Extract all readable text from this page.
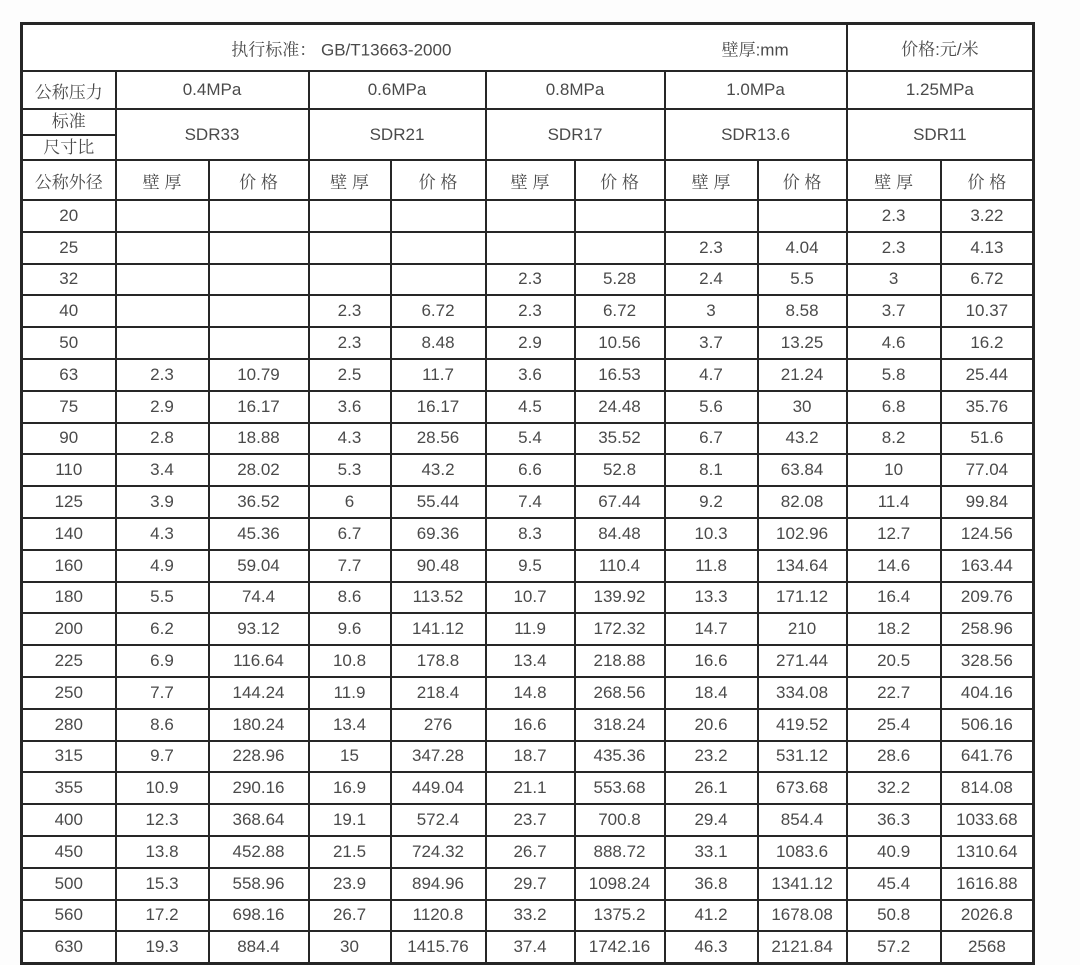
执行标准： GB/T13663-2000 壁厚:mm									价格:元/米	
公称压力	0.4MPa		0.6MPa		0.8MPa		1.0MPa		1.25MPa	

标准
尺寸比	SDR33		SDR21		SDR17		SDR13.6		SDR11	
公称外径	壁 厚	价 格	壁 厚	价 格	壁 厚	价 格	壁 厚	价 格	壁 厚	价 格
20									2.3	3.22
25							2.3	4.04	2.3	4.13
32					2.3	5.28	2.4	5.5	3	6.72
40			2.3	6.72	2.3	6.72	3	8.58	3.7	10.37
50			2.3	8.48	2.9	10.56	3.7	13.25	4.6	16.2
63	2.3	10.79	2.5	11.7	3.6	16.53	4.7	21.24	5.8	25.44
75	2.9	16.17	3.6	16.17	4.5	24.48	5.6	30	6.8	35.76
90	2.8	18.88	4.3	28.56	5.4	35.52	6.7	43.2	8.2	51.6
110	3.4	28.02	5.3	43.2	6.6	52.8	8.1	63.84	10	77.04
125	3.9	36.52	6	55.44	7.4	67.44	9.2	82.08	11.4	99.84
140	4.3	45.36	6.7	69.36	8.3	84.48	10.3	102.96	12.7	124.56
160	4.9	59.04	7.7	90.48	9.5	110.4	11.8	134.64	14.6	163.44
180	5.5	74.4	8.6	113.52	10.7	139.92	13.3	171.12	16.4	209.76
200	6.2	93.12	9.6	141.12	11.9	172.32	14.7	210	18.2	258.96
225	6.9	116.64	10.8	178.8	13.4	218.88	16.6	271.44	20.5	328.56
250	7.7	144.24	11.9	218.4	14.8	268.56	18.4	334.08	22.7	404.16
280	8.6	180.24	13.4	276	16.6	318.24	20.6	419.52	25.4	506.16
315	9.7	228.96	15	347.28	18.7	435.36	23.2	531.12	28.6	641.76
355	10.9	290.16	16.9	449.04	21.1	553.68	26.1	673.68	32.2	814.08
400	12.3	368.64	19.1	572.4	23.7	700.8	29.4	854.4	36.3	1033.68
450	13.8	452.88	21.5	724.32	26.7	888.72	33.1	1083.6	40.9	1310.64
500	15.3	558.96	23.9	894.96	29.7	1098.24	36.8	1341.12	45.4	1616.88
560	17.2	698.16	26.7	1120.8	33.2	1375.2	41.2	1678.08	50.8	2026.8
630	19.3	884.4	30	1415.76	37.4	1742.16	46.3	2121.84	57.2	2568
